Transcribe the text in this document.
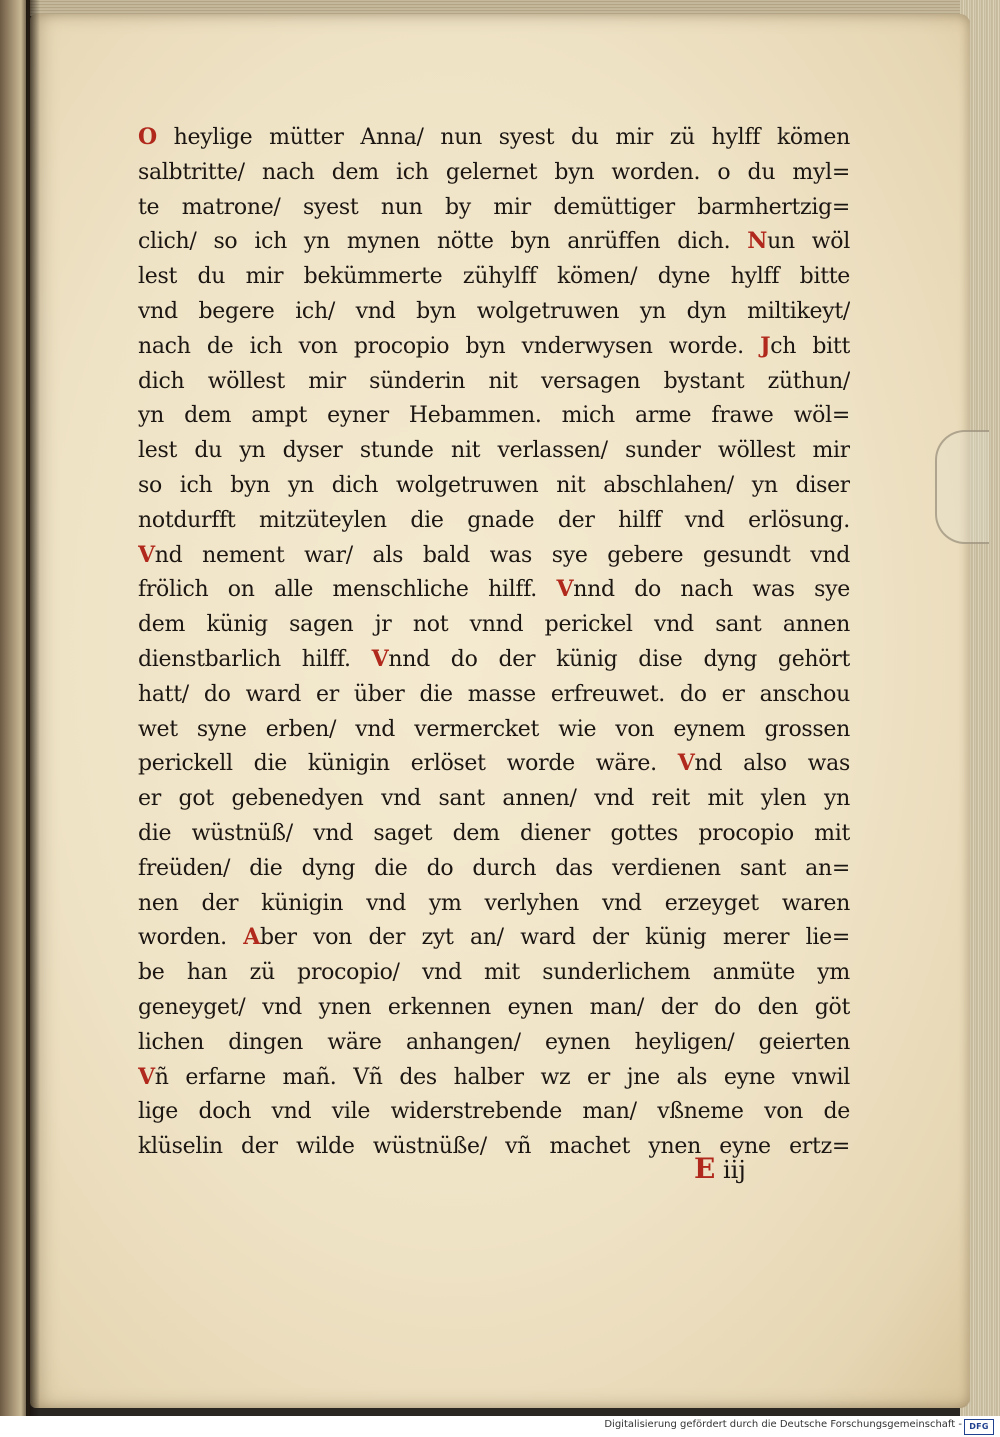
O heylige mütter Anna/ nun syest du mir zü hylff kömen
salbtritte/ nach dem ich gelernet byn worden. o du myl=
te matrone/ syest nun by mir demüttiger barmhertzig=
clich/ so ich yn mynen nötte byn anrüffen dich. Nun wöl
lest du mir bekümmerte zühylff kömen/ dyne hylff bitte
vnd begere ich/ vnd byn wolgetruwen yn dyn miltikeyt/
nach de ich von procopio byn vnderwysen worde. Jch bitt
dich wöllest mir sünderin nit versagen bystant züthun/
yn dem ampt eyner Hebammen. mich arme frawe wöl=
lest du yn dyser stunde nit verlassen/ sunder wöllest mir
so ich byn yn dich wolgetruwen nit abschlahen/ yn diser
notdurfft mitzüteylen die gnade der hilff vnd erlösung.
Vnd nement war/ als bald was sye gebere gesundt vnd
frölich on alle menschliche hilff. Vnnd do nach was sye
dem künig sagen jr not vnnd perickel vnd sant annen
dienstbarlich hilff. Vnnd do der künig dise dyng gehört
hatt/ do ward er über die masse erfreuwet. do er anschou
wet syne erben/ vnd vermercket wie von eynem grossen
perickell die künigin erlöset worde wäre. Vnd also was
er got gebenedyen vnd sant annen/ vnd reit mit ylen yn
die wüstnüß/ vnd saget dem diener gottes procopio mit
freüden/ die dyng die do durch das verdienen sant an=
nen der künigin vnd ym verlyhen vnd erzeyget waren
worden. Aber von der zyt an/ ward der künig merer lie=
be han zü procopio/ vnd mit sunderlichem anmüte ym
geneyget/ vnd ynen erkennen eynen man/ der do den göt
lichen dingen wäre anhangen/ eynen heyligen/ geierten
Vñ erfarne mañ. Vñ des halber wz er jne als eyne vnwil
lige doch vnd vile widerstrebende man/ vßneme von de
klüselin der wilde wüstnüße/ vñ machet ynen eyne ertz=
E iij
Digitalisierung gefördert durch die Deutsche Forschungsgemeinschaft - DFG
